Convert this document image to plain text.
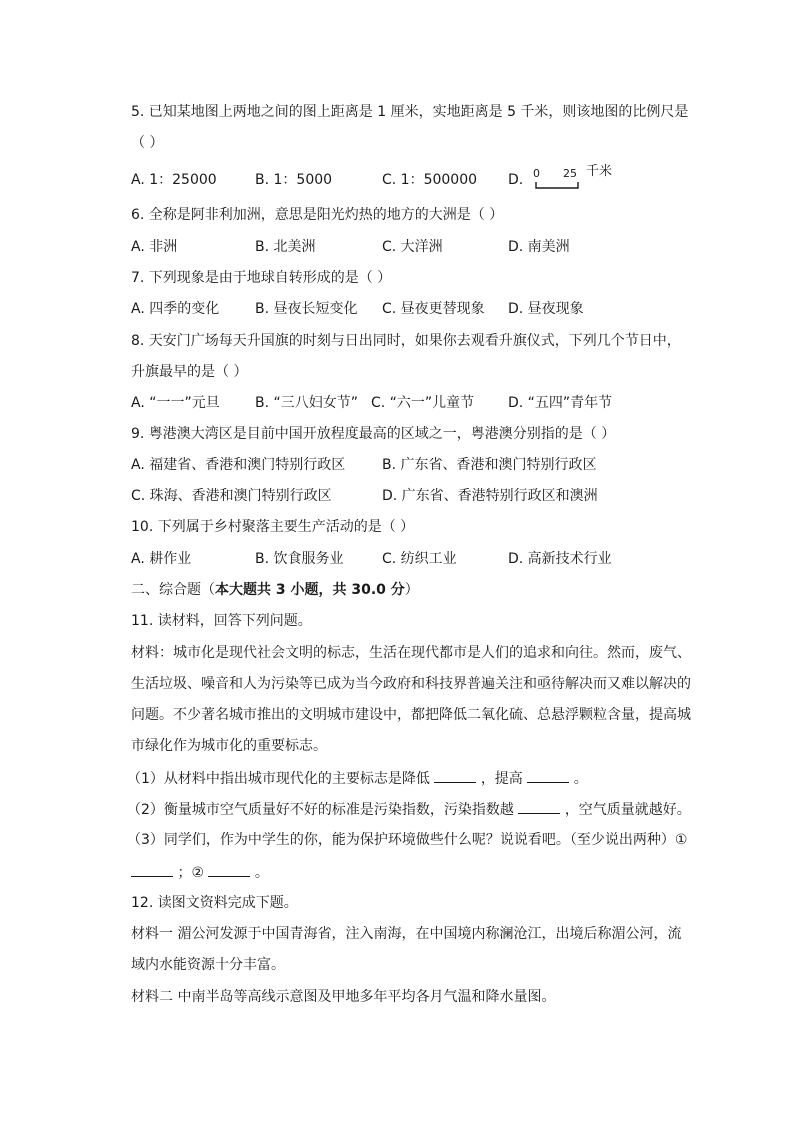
5. 已知某地图上两地之间的图上距离是 1 厘米，实地距离是 5 千米，则该地图的比例尺是
（ ）
A. 1：25000	B. 1：5000	C. 1：500000 D. 0 25 千米
6. 全称是阿非利加洲，意思是阳光灼热的地方的大洲是（ ）
A. 非洲	B. 北美洲	C. 大洋洲	D. 南美洲
7. 下列现象是由于地球自转形成的是（ ）
A. 四季的变化	B. 昼夜长短变化 C. 昼夜更替现象 D. 昼夜现象
8. 天安门广场每天升国旗的时刻与日出同时，如果你去观看升旗仪式，下列几个节日中，
升旗最早的是（ ）
A. “一一”元旦	B. “三八妇女节” C. “六一”儿童节 D. “五四”青年节
9. 粤港澳大湾区是目前中国开放程度最高的区域之一，粤港澳分别指的是（ ）
A. 福建省、香港和澳门特别行政区	B. 广东省、香港和澳门特别行政区
C. 珠海、香港和澳门特别行政区	D. 广东省、香港特别行政区和澳洲
10. 下列属于乡村聚落主要生产活动的是（ ）
A. 耕作业	B. 饮食服务业	C. 纺织工业	D. 高新技术行业
二、综合题（本大题共 3 小题，共 30.0 分）
11. 读材料，回答下列问题。
材料：城市化是现代社会文明的标志，生活在现代都市是人们的追求和向往。然而，废气、
生活垃圾、噪音和人为污染等已成为当今政府和科技界普遍关注和亟待解决而又难以解决的
问题。不少著名城市推出的文明城市建设中，都把降低二氧化硫、总悬浮颗粒含量，提高城
市绿化作为城市化的重要标志。
（1）从材料中指出城市现代化的主要标志是降低	，提高	。
（2）衡量城市空气质量好不好的标准是污染指数，污染指数越	，空气质量就越好。
（3）同学们，作为中学生的你，能为保护环境做些什么呢？说说看吧。（至少说出两种）①
；②	。
12. 读图文资料完成下题。
材料一 湄公河发源于中国青海省，注入南海，在中国境内称澜沧江，出境后称湄公河，流
域内水能资源十分丰富。
材料二 中南半岛等高线示意图及甲地多年平均各月气温和降水量图。
